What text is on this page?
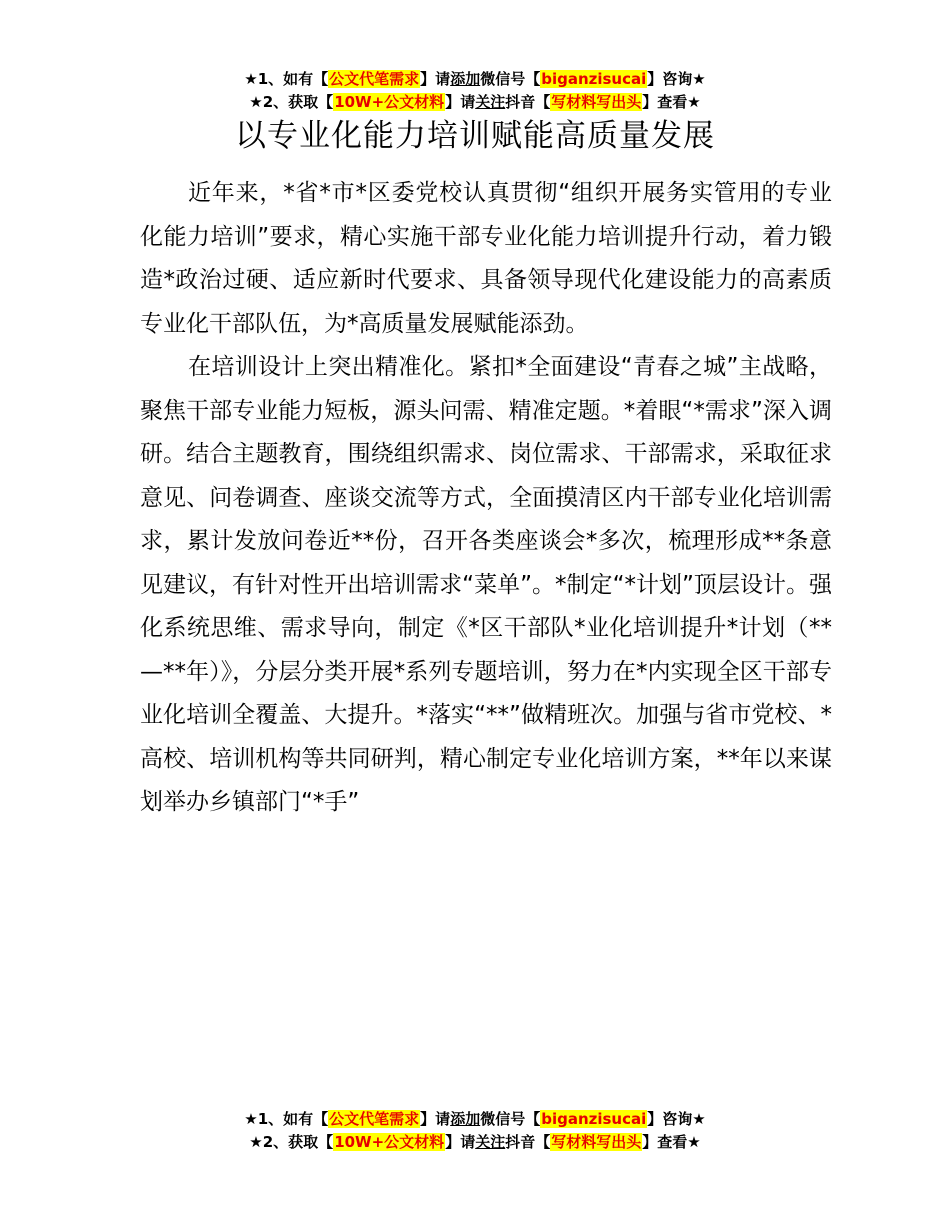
★1、如有【公文代笔需求】请添加微信号【biganzisucai】咨询★
★2、获取【10W+公文材料】请关注抖音【写材料写出头】查看★
以专业化能力培训赋能高质量发展

近年来，*省*市*区委党校认真贯彻“组织开展务实管用的专业化能力培训”要求，精心实施干部专业化能力培训提升行动，着力锻造*政治过硬、适应新时代要求、具备领导现代化建设能力的高素质专业化干部队伍，为*高质量发展赋能添劲。

在培训设计上突出精准化。紧扣*全面建设“青春之城”主战略，聚焦干部专业能力短板，源头问需、精准定题。*着眼“*需求”深入调研。结合主题教育，围绕组织需求、岗位需求、干部需求，采取征求意见、问卷调查、座谈交流等方式，全面摸清区内干部专业化培训需求，累计发放问卷近**份，召开各类座谈会*多次，梳理形成**条意见建议，有针对性开出培训需求“菜单”。*制定“*计划”顶层设计。强化系统思维、需求导向，制定《*区干部队*业化培训提升*计划（**—**年）》，分层分类开展*系列专题培训，努力在*内实现全区干部专业化培训全覆盖、大提升。*落实“**”做精班次。加强与省市党校、*高校、培训机构等共同研判，精心制定专业化培训方案，**年以来谋划举办乡镇部门“*手”

★1、如有【公文代笔需求】请添加微信号【biganzisucai】咨询★
★2、获取【10W+公文材料】请关注抖音【写材料写出头】查看★
